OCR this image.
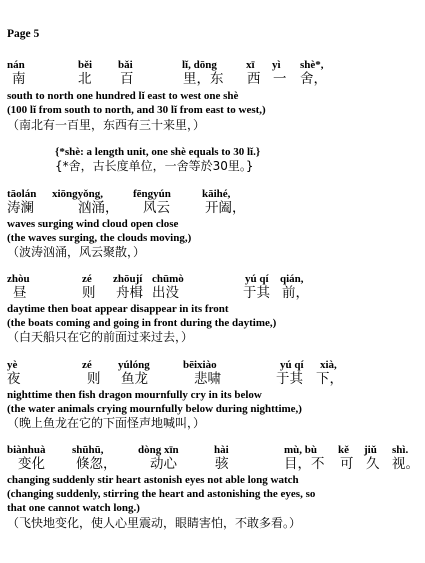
Page 5
nán	běi bǎi	lǐ, dōng	xī yì shè*,
南	北 百	里，东 西 一 舍，
south to north one hundred lǐ east to west one shè
(100 lǐ from south to north, and 30 lǐ from east to west,)
（南北有一百里，东西有三十来里，）
{*shè: a length unit, one shè equals to 30 lǐ.}
{*舍，古长度单位，一舍等於30里。}
tāolán xiōngyǒng,	fēngyún	kāihé,
涛澜	汹涌， 风云	开阖，
waves surging wind cloud open close
(the waves surging, the clouds moving,)
（波涛汹涌，风云聚散，）
zhòu	zé zhōují chūmò	yú qí qián,
昼	则 舟楫 出没	于其 前，
daytime then boat appear disappear in its front
(the boats coming and going in front during the daytime,)
（白天船只在它的前面过来过去，）
yè	zé yúlóng	bēixiào	yú qí xià,
夜	则 鱼龙	悲啸	于其 下，
nighttime then fish dragon mournfully cry in its below
(the water animals crying mournfully below during nighttime,)
（晚上鱼龙在它的下面怪声地喊叫，）
biànhuà shūhū,	dòng xīn	hài	mù, bù kě jiǔ shì.
变化 倏忽， 动心	骇	目，不 可 久 视。
changing suddenly stir heart astonish eyes not able long watch
(changing suddenly, stirring the heart and astonishing the eyes, so
that one cannot watch long.)
（飞快地变化，使人心里震动，眼睛害怕，不敢多看。）
